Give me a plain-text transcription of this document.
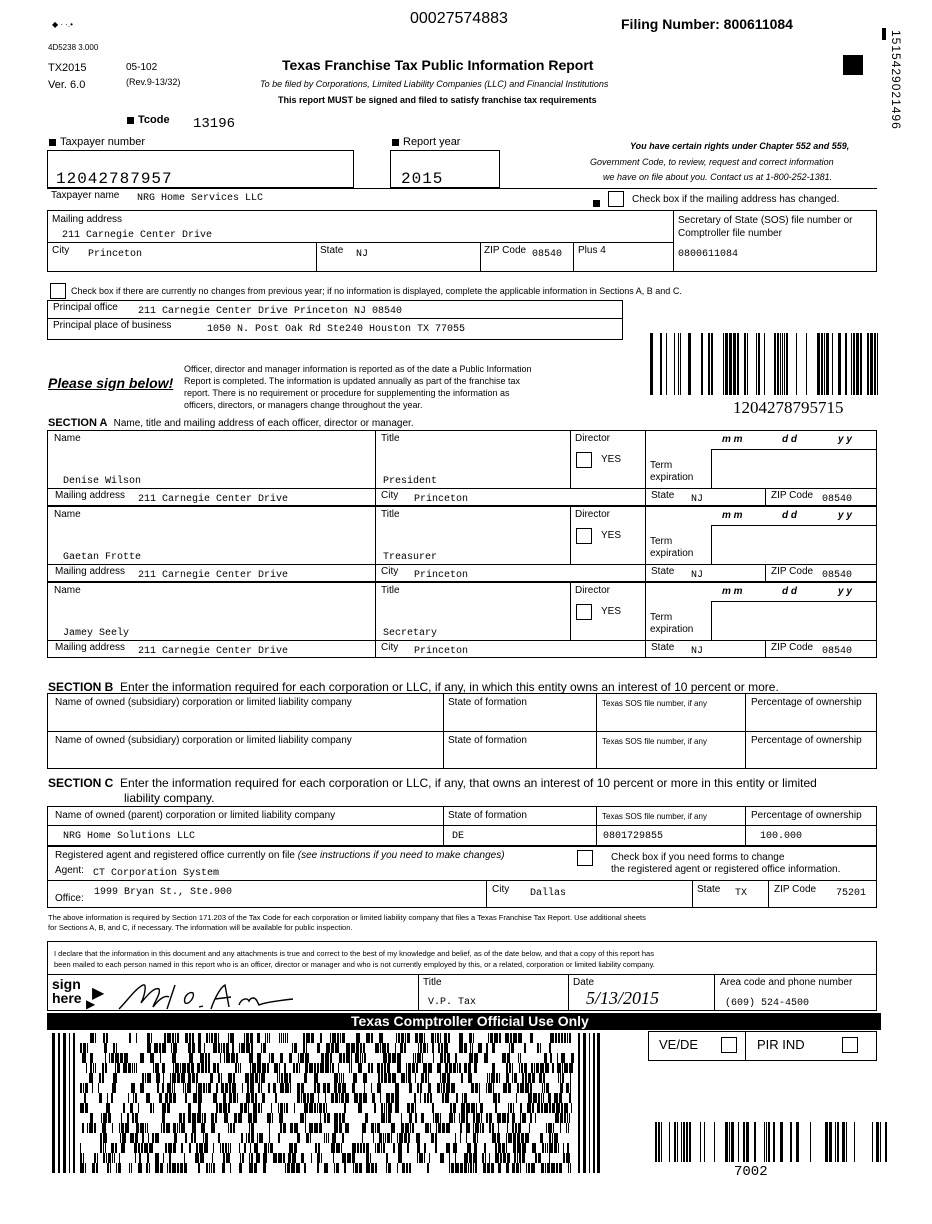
◆ · ·.•
4D5238 3.000
00027574883	Filing Number: 800611084
1515429021496
TX2015
Ver. 6.0
05-102
(Rev.9-13/32)
Texas Franchise Tax Public Information Report
To be filed by Corporations, Limited Liability Companies (LLC) and Financial Institutions
This report MUST be signed and filed to satisfy franchise tax requirements
Tcode 13196
Taxpayer number	Report year
12042787957	2015
You have certain rights under Chapter 552 and 559,
Government Code, to review, request and correct information
we have on file about you. Contact us at 1-800-252-1381.
Taxpayer name NRG Home Services LLC	Check box if the mailing address has changed.
Mailing address
211 Carnegie Center Drive
Secretary of State (SOS) file number or
Comptroller file number
City Princeton	State NJ	ZIP Code 08540 Plus 4	0800611084
Check box if there are currently no changes from previous year; if no information is displayed, complete the applicable information in Sections A, B and C.
Principal office 211 Carnegie Center Drive Princeton NJ 08540
Principal place of business	1050 N. Post Oak Rd Ste240 Houston TX 77055
1204278795715
Please sign below!
Officer, director and manager information is reported as of the date a Public Information
Report is completed. The information is updated annually as part of the franchise tax
report. There is no requirement or procedure for supplementing the information as
officers, directors, or managers change throughout the year.
SECTION A Name, title and mailing address of each officer, director or manager.
Name	Title	Director
YES
m m	d d	y y
Term
expiration
Denise Wilson	President
Mailing address 211 Carnegie Center Drive	City Princeton	State NJ	ZIP Code 08540
Name	Title	Director
YES
m m	d d	y y
Term
expiration
Gaetan Frotte	Treasurer
Mailing address 211 Carnegie Center Drive	City Princeton	State NJ	ZIP Code 08540
Name	Title	Director
YES
m m	d d	y y
Term
expiration
Jamey Seely	Secretary
Mailing address 211 Carnegie Center Drive	City Princeton	State NJ	ZIP Code 08540
SECTION B Enter the information required for each corporation or LLC, if any, in which this entity owns an interest of 10 percent or more.
Name of owned (subsidiary) corporation or limited liability company	State of formation	Texas SOS file number, if any	Percentage of ownership
Name of owned (subsidiary) corporation or limited liability company	State of formation	Texas SOS file number, if any	Percentage of ownership
SECTION C Enter the information required for each corporation or LLC, if any, that owns an interest of 10 percent or more in this entity or limited
liability company.
Name of owned (parent) corporation or limited liability company	State of formation	Texas SOS file number, if any	Percentage of ownership
NRG Home Solutions LLC	DE	0801729855	100.000
Registered agent and registered office currently on file (see instructions if you need to make changes)	Check box if you need forms to change
the registered agent or registered office information.
Agent: CT Corporation System
Office:
1999 Bryan St., Ste.900	City Dallas	State TX	ZIP Code 75201
The above information is required by Section 171.203 of the Tax Code for each corporation or limited liability company that files a Texas Franchise Tax Report. Use additional sheets
for Sections A, B, and C, if necessary. The information will be available for public inspection.
I declare that the information in this document and any attachments is true and correct to the best of my knowledge and belief, as of the date below, and that a copy of this report has
been mailed to each person named in this report who is an officer, director or manager and who is not currently employed by this, or a related, corporation or limited liability company.
sign
here ▶
▶
Title
V.P. Tax
Date
5/13/2015
Area code and phone number
(609) 524-4500
Texas Comptroller Official Use Only
VE/DE	PIR IND
7002
